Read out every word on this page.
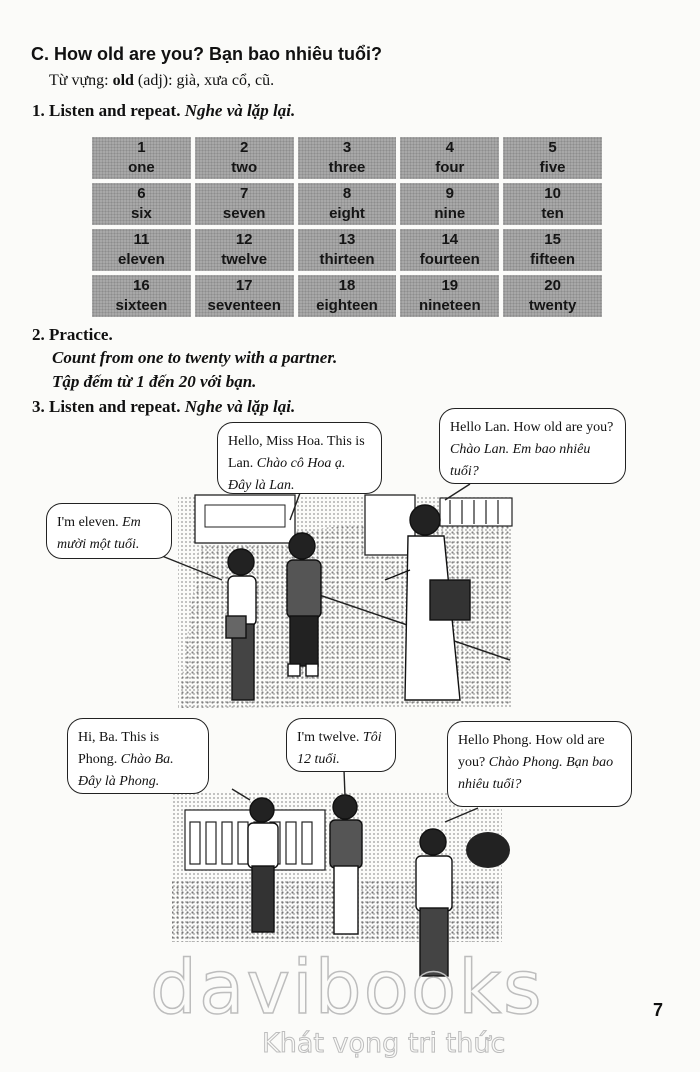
C. How old are you? Bạn bao nhiêu tuổi?
Từ vựng: old (adj): già, xưa cổ, cũ.
1. Listen and repeat. Nghe và lặp lại.
1
one
2
two
3
three
4
four
5
five
6
six
7
seven
8
eight
9
nine
10
ten
11
eleven
12
twelve
13
thirteen
14
fourteen
15
fifteen
16
sixteen
17
seventeen
18
eighteen
19
nineteen
20
twenty
2. Practice.
Count from one to twenty with a partner.
Tập đếm từ 1 đến 20 với bạn.
3. Listen and repeat. Nghe và lặp lại.
Hello, Miss Hoa. This is Lan. Chào cô Hoa ạ. Đây là Lan.
Hello Lan. How old are you? Chào Lan. Em bao nhiêu tuổi?
I'm eleven. Em mười một tuổi.
Hi, Ba. This is Phong. Chào Ba. Đây là Phong.
I'm twelve. Tôi 12 tuổi.
Hello Phong. How old are you? Chào Phong. Bạn bao nhiêu tuổi?
7
davibooks
Khát vọng tri thức
